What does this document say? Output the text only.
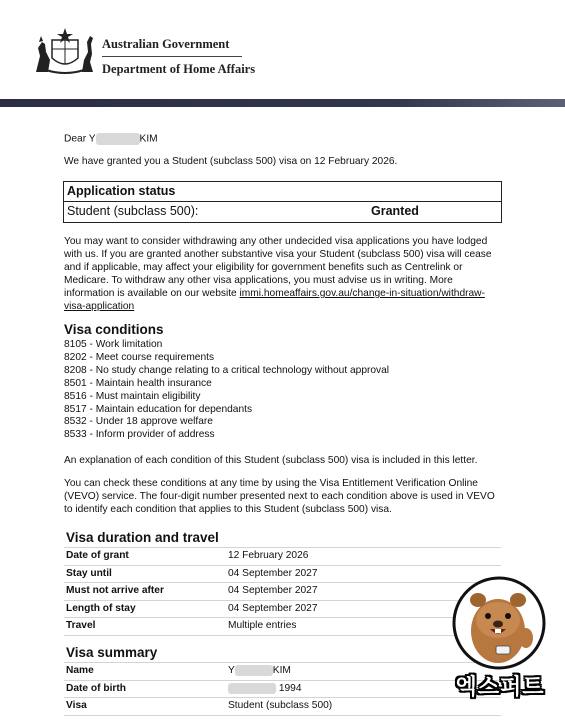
Australian Government
Department of Home Affairs
Dear Y	KIM
We have granted you a Student (subclass 500) visa on 12 February 2026.
Application status
Student (subclass 500):	Granted
You may want to consider withdrawing any other undecided visa applications you have lodged with us. If you are granted another substantive visa your Student (subclass 500) visa will cease and if applicable, may affect your eligibility for government benefits such as Centrelink or Medicare. To withdraw any other visa applications, you must advise us in writing. More information is available on our website immi.homeaffairs.gov.au/change-in-situation/withdraw-visa-application
Visa conditions
8105 - Work limitation
8202 - Meet course requirements
8208 - No study change relating to a critical technology without approval
8501 - Maintain health insurance
8516 - Must maintain eligibility
8517 - Maintain education for dependants
8532 - Under 18 approve welfare
8533 - Inform provider of address
An explanation of each condition of this Student (subclass 500) visa is included in this letter.
You can check these conditions at any time by using the Visa Entitlement Verification Online (VEVO) service. The four-digit number presented next to each condition above is used in VEVO to identify each condition that applies to this Student (subclass 500) visa.
Visa duration and travel
Date of grant	12 February 2026
Stay until	04 September 2027
Must not arrive after	04 September 2027
Length of stay	04 September 2027
Travel	Multiple entries
Visa summary
Name	Y	KIM
Date of birth	1994
Visa	Student (subclass 500)
엑스퍼트
